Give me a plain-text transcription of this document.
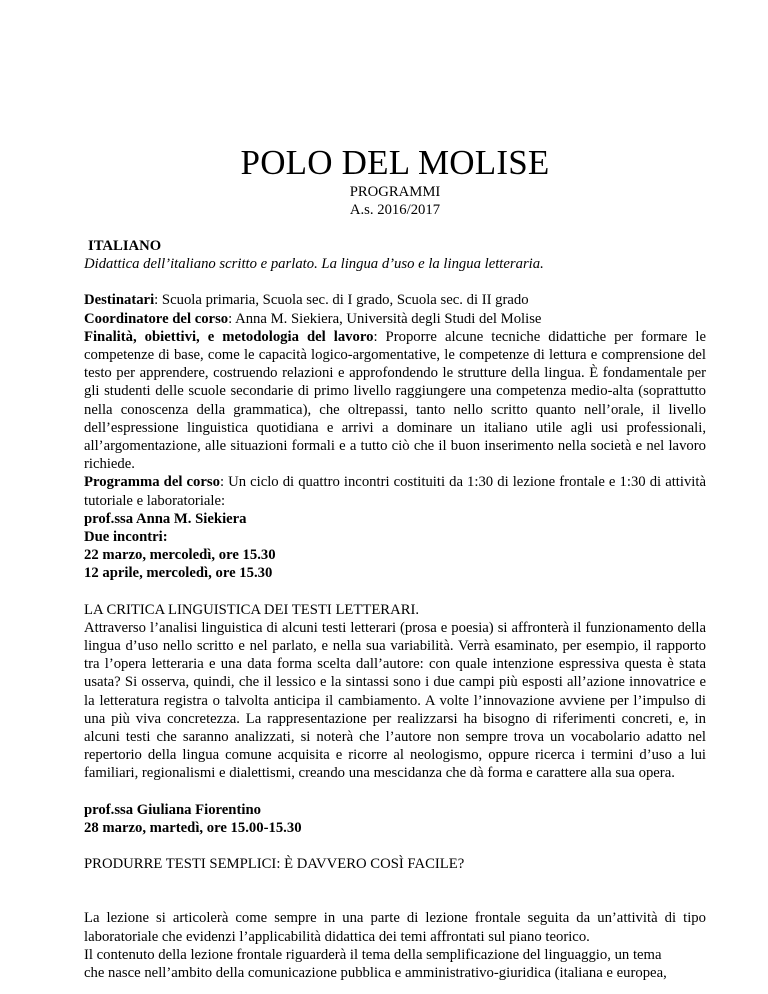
POLO DEL MOLISE
PROGRAMMI
A.s. 2016/2017

ITALIANO

Didattica dell’italiano scritto e parlato. La lingua d’uso e la lingua letteraria.

Destinatari: Scuola primaria, Scuola sec. di I grado, Scuola sec. di II grado

Coordinatore del corso: Anna M. Siekiera, Università degli Studi del Molise

Finalità, obiettivi, e metodologia del lavoro: Proporre alcune tecniche didattiche per formare le competenze di base, come le capacità logico-argomentative, le competenze di lettura e comprensione del testo per apprendere, costruendo relazioni e approfondendo le strutture della lingua. È fondamentale per gli studenti delle scuole secondarie di primo livello raggiungere una competenza medio-alta (soprattutto nella conoscenza della grammatica), che oltrepassi, tanto nello scritto quanto nell’orale, il livello dell’espressione linguistica quotidiana e arrivi a dominare un italiano utile agli usi professionali, all’argomentazione, alle situazioni formali e a tutto ciò che il buon inserimento nella società e nel lavoro richiede.

Programma del corso: Un ciclo di quattro incontri costituiti da 1:30 di lezione frontale e 1:30 di attività tutoriale e laboratoriale:

prof.ssa Anna M. Siekiera

Due incontri:

22 marzo, mercoledì, ore 15.30

12 aprile, mercoledì, ore 15.30

LA CRITICA LINGUISTICA DEI TESTI LETTERARI.

Attraverso l’analisi linguistica di alcuni testi letterari (prosa e poesia) si affronterà il funzionamento della lingua d’uso nello scritto e nel parlato, e nella sua variabilità. Verrà esaminato, per esempio, il rapporto tra l’opera letteraria e una data forma scelta dall’autore: con quale intenzione espressiva questa è stata usata? Si osserva, quindi, che il lessico e la sintassi sono i due campi più esposti all’azione innovatrice e la letteratura registra o talvolta anticipa il cambiamento. A volte l’innovazione avviene per l’impulso di una più viva concretezza. La rappresentazione per realizzarsi ha bisogno di riferimenti concreti, e, in alcuni testi che saranno analizzati, si noterà che l’autore non sempre trova un vocabolario adatto nel repertorio della lingua comune acquisita e ricorre al neologismo, oppure ricerca i termini d’uso a lui familiari, regionalismi e dialettismi, creando una mescidanza che dà forma e carattere alla sua opera.

prof.ssa Giuliana Fiorentino

28 marzo, martedì, ore 15.00-15.30

PRODURRE TESTI SEMPLICI: È DAVVERO COSÌ FACILE?

La lezione si articolerà come sempre in una parte di lezione frontale seguita da un’attività di tipo laboratoriale che evidenzi l’applicabilità didattica dei temi affrontati sul piano teorico.

Il contenuto della lezione frontale riguarderà il tema della semplificazione del linguaggio, un tema

che nasce nell’ambito della comunicazione pubblica e amministrativo-giuridica (italiana e europea,
